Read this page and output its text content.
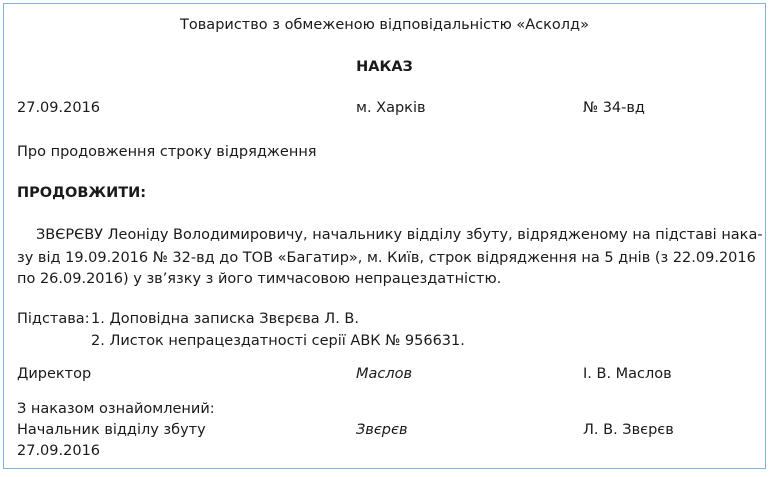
Товариство з обмеженою відповідальністю «Асколд»
НАКАЗ
27.09.2016	м. Харків	№ 34-вд
Про продовження строку відрядження
ПРОДОВЖИТИ:
ЗВЄРЄВУ Леоніду Володимировичу, начальнику відділу збуту, відрядженому на підставі нака-
зу від 19.09.2016 № 32-вд до ТОВ «Багатир», м. Київ, строк відрядження на 5 днів (з 22.09.2016
по 26.09.2016) у зв’язку з його тимчасовою непрацездатністю.
Підстава: 1. Доповідна записка Звєрєва Л. В.
2. Листок непрацездатності серії АВК № 956631.
Директор	Маслов	І. В. Маслов
З наказом ознайомлений:
Начальник відділу збуту	Звєрєв	Л. В. Звєрєв
27.09.2016
